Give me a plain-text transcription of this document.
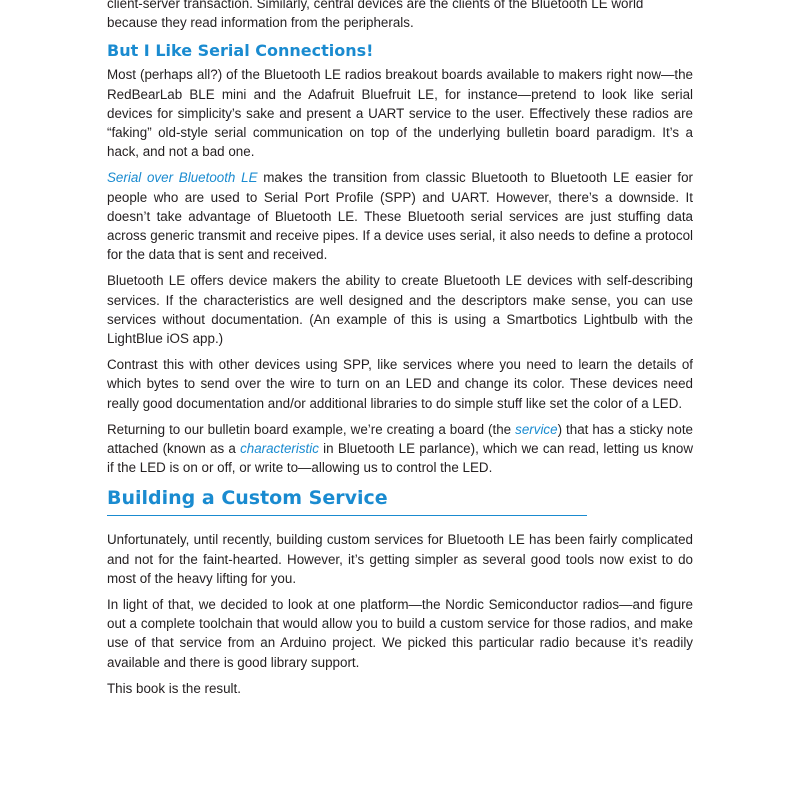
client-server transaction. Similarly, central devices are the clients of the Bluetooth LE world
because they read information from the peripherals.

But I Like Serial Connections!

Most (perhaps all?) of the Bluetooth LE radios breakout boards available to makers right now—the RedBearLab BLE mini and the Adafruit Bluefruit LE, for instance—pretend to look like serial devices for simplicity’s sake and present a UART service to the user. Effectively these radios are “faking” old-style serial communication on top of the underlying bulletin board paradigm. It’s a hack, and not a bad one.

Serial over Bluetooth LE makes the transition from classic Bluetooth to Bluetooth LE easier for people who are used to Serial Port Profile (SPP) and UART. However, there’s a downside. It doesn’t take advantage of Bluetooth LE. These Bluetooth serial services are just stuffing data across generic transmit and receive pipes. If a device uses serial, it also needs to define a protocol for the data that is sent and received.

Bluetooth LE offers device makers the ability to create Bluetooth LE devices with self-describing services. If the characteristics are well designed and the descriptors make sense, you can use services without documentation. (An example of this is using a Smartbotics Lightbulb with the LightBlue iOS app.)

Contrast this with other devices using SPP, like services where you need to learn the details of which bytes to send over the wire to turn on an LED and change its color. These devices need really good documentation and/or additional libraries to do simple stuff like set the color of a LED.

Returning to our bulletin board example, we’re creating a board (the service) that has a sticky note attached (known as a characteristic in Bluetooth LE parlance), which we can read, letting us know if the LED is on or off, or write to—allowing us to control the LED.

Building a Custom Service

Unfortunately, until recently, building custom services for Bluetooth LE has been fairly complicated and not for the faint-hearted. However, it’s getting simpler as several good tools now exist to do most of the heavy lifting for you.

In light of that, we decided to look at one platform—the Nordic Semiconductor radios—and figure out a complete toolchain that would allow you to build a custom service for those radios, and make use of that service from an Arduino project. We picked this particular radio because it’s readily available and there is good library support.

This book is the result.
